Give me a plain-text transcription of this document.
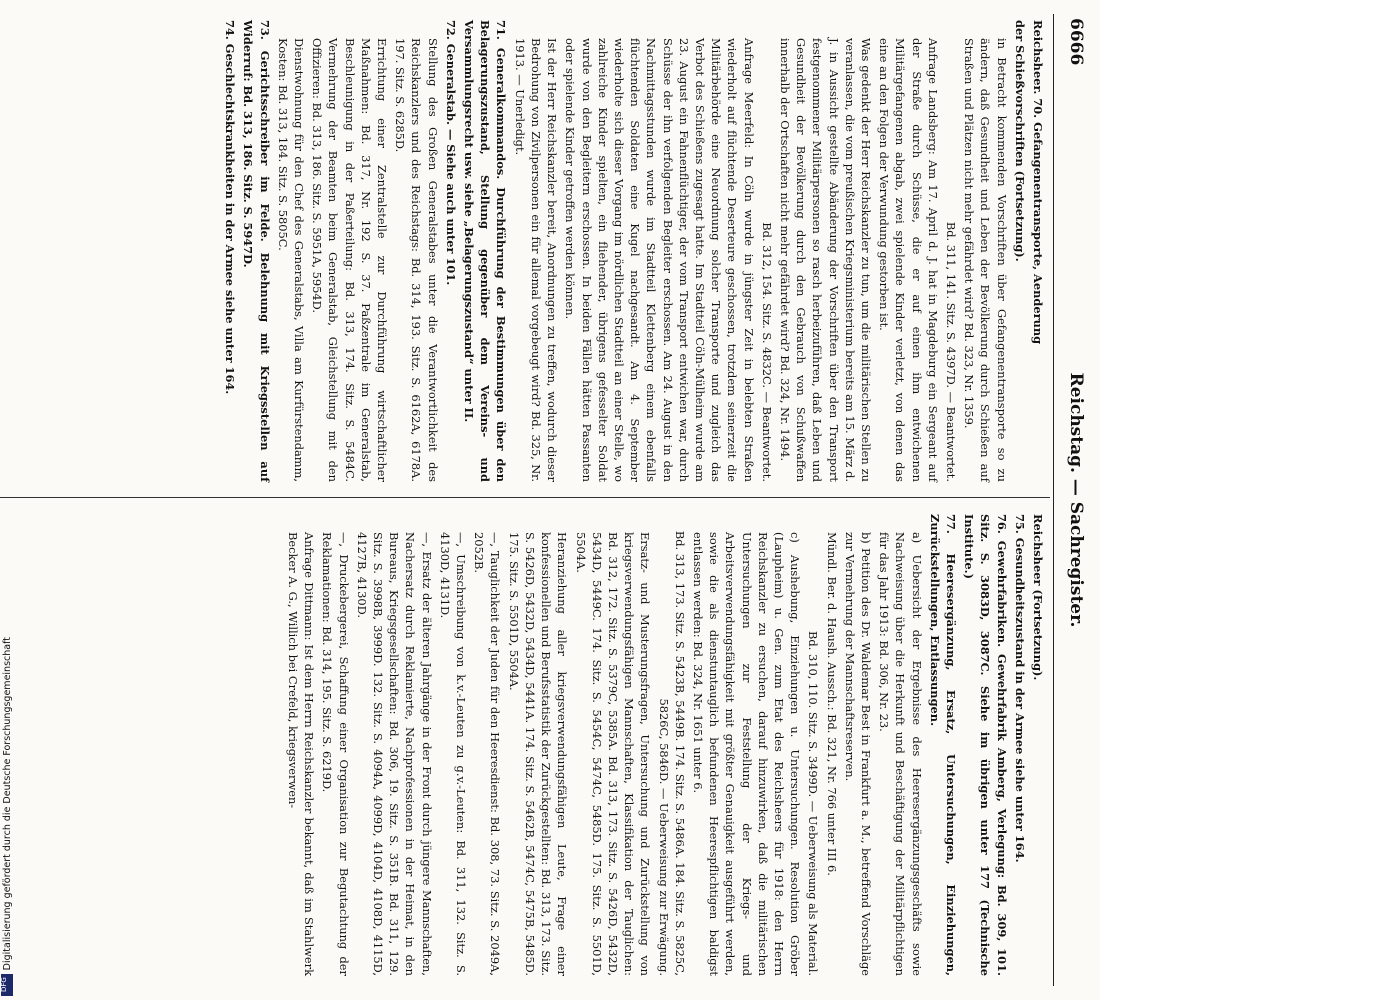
6666
Reichstag. — Sachregister.
Reichsheer. 70. Gefangenentransporte, Aenderung
der Schießvorschriften (Fortsetzung).
in Betracht kommenden Vorschriften über Gefangenentransporte so zu ändern, daß Gesundheit und Leben der Bevölkerung durch Schießen auf Straßen und Plätzen nicht mehr gefährdet wird? Bd. 323, Nr. 1359.
Bd. 311, 141. Sitz. S. 4397D. — Beantwortet.
Anfrage Landsberg: Am 17. April d. J. hat in Magdeburg ein Sergeant auf der Straße durch Schüsse, die er auf einen ihm entwichenen Militärgefangenen abgab, zwei spielende Kinder verletzt, von denen das eine an den Folgen der Verwundung gestorben ist.
Was gedenkt der Herr Reichskanzler zu tun, um die militärischen Stellen zu veranlassen, die vom preußischen Kriegsministerium bereits am 15. März d. J. in Aussicht gestellte Abänderung der Vorschriften über den Transport festgenommener Militärpersonen so rasch herbeizuführen, daß Leben und Gesundheit der Bevölkerung durch den Gebrauch von Schußwaffen innerhalb der Ortschaften nicht mehr gefährdet wird? Bd. 324, Nr. 1494.
Bd. 312, 154. Sitz. S. 4832C. — Beantwortet.
Anfrage Meerfeld: In Cöln wurde in jüngster Zeit in belebten Straßen wiederholt auf flüchtende Deserteure geschossen, trotzdem seinerzeit die Militärbehörde eine Neuordnung solcher Transporte und zugleich das Verbot des Schießens zugesagt hatte. Im Stadtteil Cöln-Mülheim wurde am 23. August ein Fahnenflüchtiger, der vom Transport entwichen war, durch Schüsse der ihn verfolgenden Begleiter erschossen. Am 24. August in den Nachmittagsstunden wurde im Stadtteil Klettenberg einem ebenfalls flüchtenden Soldaten eine Kugel nachgesandt. Am 4. September wiederholte sich dieser Vorgang im nördlichen Stadtteil an einer Stelle, wo zahlreiche Kinder spielten, ein fliehender, übrigens gefesselter Soldat wurde von den Begleitern erschossen. In beiden Fällen hätten Passanten oder spielende Kinder getroffen werden können.
Ist der Herr Reichskanzler bereit, Anordnungen zu treffen, wodurch dieser Bedrohung von Zivilpersonen ein für allemal vorgebeugt wird? Bd. 325, Nr. 1913. — Unerledigt.
71. Generalkommandos. Durchführung der Bestimmungen über den Belagerungszustand, Stellung gegenüber dem Vereins- und Versammlungsrecht usw. siehe „Belagerungszustand“ unter II.
72. Generalstab. — Siehe auch unter 101.
Stellung des Großen Generalstabes unter die Verantwortlichkeit des Reichskanzlers und des Reichstags: Bd. 314, 193. Sitz. S. 6162A, 6178A. 197. Sitz. S. 6285D.
Errichtung einer Zentralstelle zur Durchführung wirtschaftlicher Maßnahmen: Bd. 317, Nr. 192 S. 37. Paßzentrale im Generalstab, Beschleunigung in der Paßerteilung: Bd. 313, 174. Sitz. S. 5484C. Vermehrung der Beamten beim Generalstab, Gleichstellung mit den Offizieren: Bd. 313, 186. Sitz. S. 5951A, 5954D.
Dienstwohnung für den Chef des Generalstabs, Villa am Kurfürstendamm, Kosten: Bd. 313, 184. Sitz. S. 5805C.
73. Gerichtsschreiber im Felde. Belehnung mit Kriegsstellen auf Widerruf: Bd. 313, 186. Sitz. S. 5947D.
74. Geschlechtskrankheiten in der Armee siehe unter 164.
Reichsheer (Fortsetzung).
75. Gesundheitszustand in der Armee siehe unter 164.
76. Gewehrfabriken. Gewehrfabrik Amberg, Verlegung: Bd. 309, 101. Sitz. S. 3083D, 3087C. Siehe im übrigen unter 177 (Technische Institute.)
77. Heeresergänzung, Ersatz, Untersuchungen, Einziehungen, Zurückstellungen, Entlassungen.
a) Uebersicht der Ergebnisse des Heeresergänzungsgeschäfts sowie Nachweisung über die Herkunft und Beschäftigung der Militärpflichtigen für das Jahr 1913: Bd. 306, Nr. 23.
b) Petition des Dr. Waldemar Best in Frankfurt a. M., betreffend Vorschläge zur Vermehrung der Mannschaftsreserven.
Mündl. Ber. d. Haush. Aussch.: Bd. 321, Nr. 766 unter III 6.
Bd. 310, 110. Sitz. S. 3499D. — Ueberweisung als Material.
c) Aushebung, Einziehungen u. Untersuchungen. Resolution Gröber (Laupheim) u. Gen. zum Etat des Reichsheers für 1918: den Herrn Reichskanzler zu ersuchen, darauf hinzuwirken, daß die militärischen Untersuchungen zur Feststellung der Kriegs- und Arbeitsverwendungsfähigkeit mit größter Genauigkeit ausgeführt werden, sowie die als dienstuntauglich befundenen Heerespflichtigen baldigst entlassen werden: Bd. 324, Nr. 1651 unter 6.
Bd. 313, 173. Sitz. S. 5423B, 5449B. 174. Sitz. S. 5486A. 184. Sitz. S. 5825C, 5826C, 5846D. — Ueberweisung zur Erwägung.
Ersatz- und Musterungsfragen, Untersuchung und Zurückstellung von kriegsverwendungsfähigen Mannschaften, Klassifikation der Tauglichen: Bd. 312, 172. Sitz. S. 5379C, 5385A. Bd. 313, 173. Sitz. S. 5426D, 5432D, 5434D, 5449C. 174. Sitz. S. 5454C, 5474C, 5485D. 175. Sitz. S. 5501D, 5504A.
Heranziehung aller kriegsverwendungsfähigen Leute, Frage einer konfessionellen und Berufsstatistik der Zurückgestellten: Bd. 313, 173. Sitz. S. 5426D, 5432D, 5434D, 5441A. 174. Sitz. S. 5462B, 5474C, 5475B, 5485D. 175. Sitz. S. 5501D, 5504A.
—, Tauglichkeit der Juden für den Heeresdienst: Bd. 308, 73. Sitz. S. 2049A, 2052B.
—, Umschreibung von k.v.-Leuten zu g.v.-Leuten: Bd. 311, 132. Sitz. S. 4130D, 4131D.
—, Ersatz der älteren Jahrgänge in der Front durch jüngere Mannschaften, Nachersatz durch Reklamierte, Nachprofessionen in der Heimat, in den Bureaus, Kriegsgesellschaften: Bd. 306, 19. Sitz. S. 351B. Bd. 311, 129. Sitz. S. 3998B, 3999D. 132. Sitz. S. 4094A, 4099D, 4104D, 4108D, 4115D, 4127B, 4130D.
—, Druckebergerei, Schaffung einer Organisation zur Begutachtung der Reklamationen: Bd. 314, 195. Sitz. S. 6219D.
Anfrage Dittmann: Ist dem Herrn Reichskanzler bekannt, daß im Stahlwerk Becker A. G., Willich bei Crefeld, kriegsverwen-
Digitalisierung gefördert durch die Deutsche Forschungsgemeinschaft
DFG
